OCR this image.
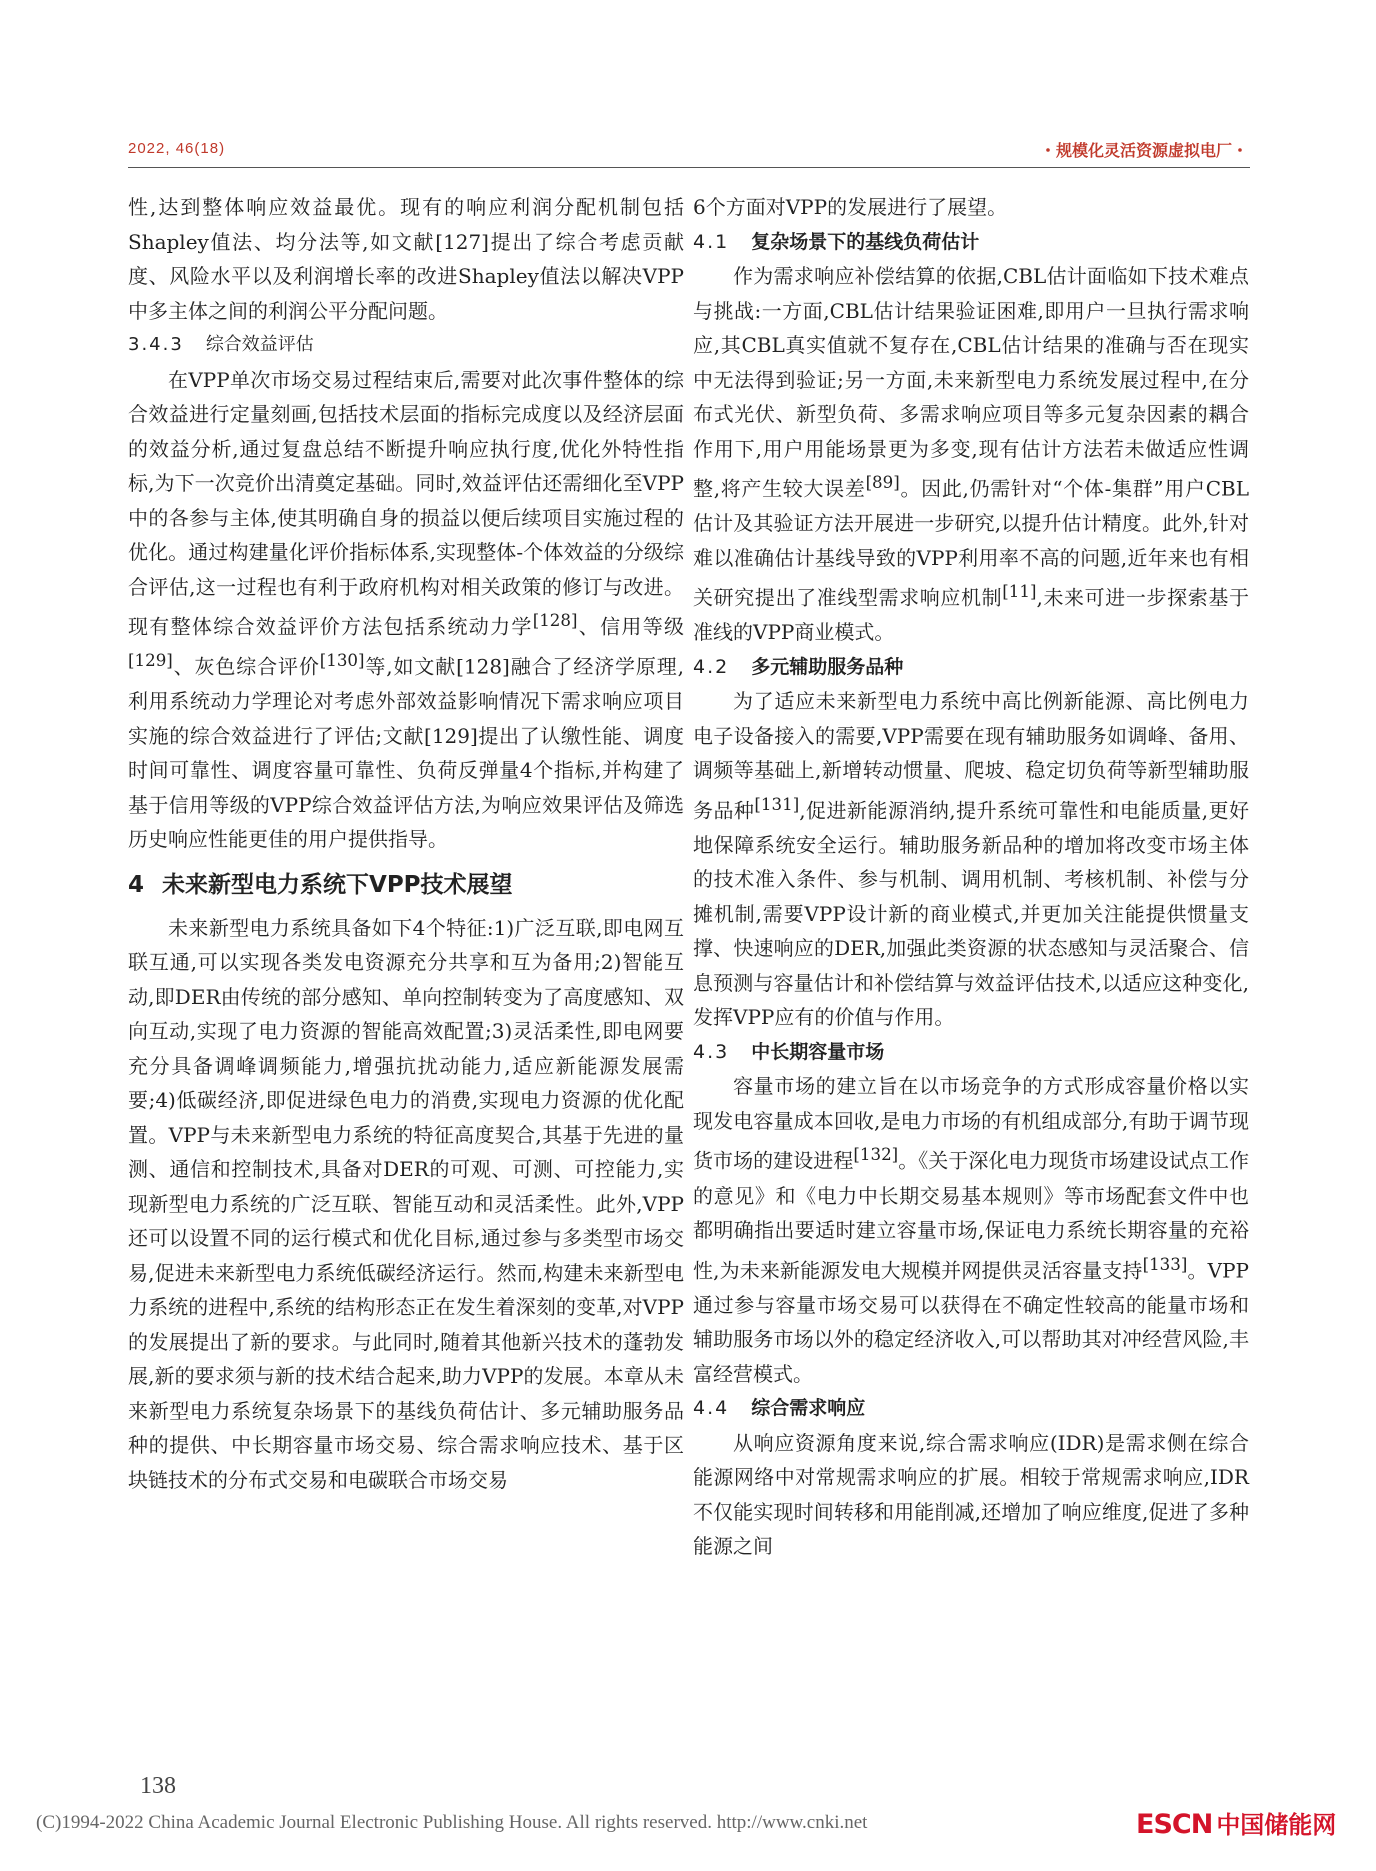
2022, 46(18)	・规模化灵活资源虚拟电厂・

性,达到整体响应效益最优。现有的响应利润分配机制包括Shapley值法、均分法等,如文献[127]提出了综合考虑贡献度、风险水平以及利润增长率的改进Shapley值法以解决VPP中多主体之间的利润公平分配问题。

3.4.3 综合效益评估

在VPP单次市场交易过程结束后,需要对此次事件整体的综合效益进行定量刻画,包括技术层面的指标完成度以及经济层面的效益分析,通过复盘总结不断提升响应执行度,优化外特性指标,为下一次竞价出清奠定基础。同时,效益评估还需细化至VPP中的各参与主体,使其明确自身的损益以便后续项目实施过程的优化。通过构建量化评价指标体系,实现整体-个体效益的分级综合评估,这一过程也有利于政府机构对相关政策的修订与改进。现有整体综合效益评价方法包括系统动力学[128]、信用等级[129]、灰色综合评价[130]等,如文献[128]融合了经济学原理,利用系统动力学理论对考虑外部效益影响情况下需求响应项目实施的综合效益进行了评估;文献[129]提出了认缴性能、调度时间可靠性、调度容量可靠性、负荷反弹量4个指标,并构建了基于信用等级的VPP综合效益评估方法,为响应效果评估及筛选历史响应性能更佳的用户提供指导。

4 未来新型电力系统下VPP技术展望

未来新型电力系统具备如下4个特征:1)广泛互联,即电网互联互通,可以实现各类发电资源充分共享和互为备用;2)智能互动,即DER由传统的部分感知、单向控制转变为了高度感知、双向互动,实现了电力资源的智能高效配置;3)灵活柔性,即电网要充分具备调峰调频能力,增强抗扰动能力,适应新能源发展需要;4)低碳经济,即促进绿色电力的消费,实现电力资源的优化配置。VPP与未来新型电力系统的特征高度契合,其基于先进的量测、通信和控制技术,具备对DER的可观、可测、可控能力,实现新型电力系统的广泛互联、智能互动和灵活柔性。此外,VPP还可以设置不同的运行模式和优化目标,通过参与多类型市场交易,促进未来新型电力系统低碳经济运行。然而,构建未来新型电力系统的进程中,系统的结构形态正在发生着深刻的变革,对VPP的发展提出了新的要求。与此同时,随着其他新兴技术的蓬勃发展,新的要求须与新的技术结合起来,助力VPP的发展。本章从未来新型电力系统复杂场景下的基线负荷估计、多元辅助服务品种的提供、中长期容量市场交易、综合需求响应技术、基于区块链技术的分布式交易和电碳联合市场交易

6个方面对VPP的发展进行了展望。

4.1 复杂场景下的基线负荷估计

作为需求响应补偿结算的依据,CBL估计面临如下技术难点与挑战:一方面,CBL估计结果验证困难,即用户一旦执行需求响应,其CBL真实值就不复存在,CBL估计结果的准确与否在现实中无法得到验证;另一方面,未来新型电力系统发展过程中,在分布式光伏、新型负荷、多需求响应项目等多元复杂因素的耦合作用下,用户用能场景更为多变,现有估计方法若未做适应性调整,将产生较大误差[89]。因此,仍需针对“个体-集群”用户CBL估计及其验证方法开展进一步研究,以提升估计精度。此外,针对难以准确估计基线导致的VPP利用率不高的问题,近年来也有相关研究提出了准线型需求响应机制[11],未来可进一步探索基于准线的VPP商业模式。

4.2 多元辅助服务品种

为了适应未来新型电力系统中高比例新能源、高比例电力电子设备接入的需要,VPP需要在现有辅助服务如调峰、备用、调频等基础上,新增转动惯量、爬坡、稳定切负荷等新型辅助服务品种[131],促进新能源消纳,提升系统可靠性和电能质量,更好地保障系统安全运行。辅助服务新品种的增加将改变市场主体的技术准入条件、参与机制、调用机制、考核机制、补偿与分摊机制,需要VPP设计新的商业模式,并更加关注能提供惯量支撑、快速响应的DER,加强此类资源的状态感知与灵活聚合、信息预测与容量估计和补偿结算与效益评估技术,以适应这种变化,发挥VPP应有的价值与作用。

4.3 中长期容量市场

容量市场的建立旨在以市场竞争的方式形成容量价格以实现发电容量成本回收,是电力市场的有机组成部分,有助于调节现货市场的建设进程[132]。《关于深化电力现货市场建设试点工作的意见》和《电力中长期交易基本规则》等市场配套文件中也都明确指出要适时建立容量市场,保证电力系统长期容量的充裕性,为未来新能源发电大规模并网提供灵活容量支持[133]。VPP通过参与容量市场交易可以获得在不确定性较高的能量市场和辅助服务市场以外的稳定经济收入,可以帮助其对冲经营风险,丰富经营模式。

4.4 综合需求响应

从响应资源角度来说,综合需求响应(IDR)是需求侧在综合能源网络中对常规需求响应的扩展。相较于常规需求响应,IDR不仅能实现时间转移和用能削减,还增加了响应维度,促进了多种能源之间

138
(C)1994-2022 China Academic Journal Electronic Publishing House. All rights reserved. http://www.cnki.net	ESCN 中国储能网
